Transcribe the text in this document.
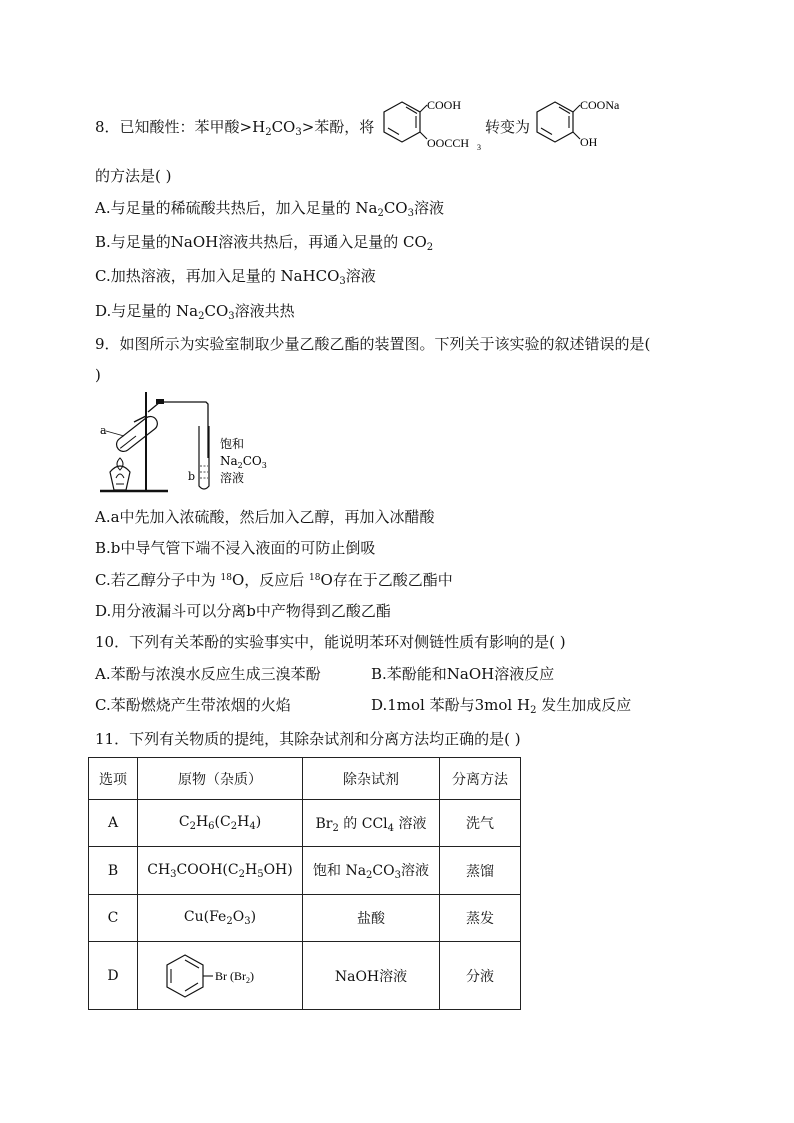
8．已知酸性：苯甲酸$>H_2CO_3>$苯酚，将
COOH
OOCCH 3
转变为
COONa
OH
的方法是( )
A.与足量的稀硫酸共热后，加入足量的 $Na_2CO_3$溶液
B.与足量的NaOH溶液共热后，再通入足量的 $CO_2$
C.加热溶液，再加入足量的 NaHCO$_3$溶液
D.与足量的 $Na_2CO_3$溶液共热
9．如图所示为实验室制取少量乙酸乙酯的装置图。下列关于该实验的叙述错误的是(
)
a
b
饱和
$Na_2CO_3$
溶液
A.a中先加入浓硫酸，然后加入乙醇，再加入冰醋酸
B.b中导气管下端不浸入液面的可防止倒吸
C.若乙醇分子中为 $^{18}$O，反应后 $^{18}$O存在于乙酸乙酯中
D.用分液漏斗可以分离b中产物得到乙酸乙酯
10．下列有关苯酚的实验事实中，能说明苯环对侧链性质有影响的是( )
A.苯酚与浓溴水反应生成三溴苯酚	B.苯酚能和NaOH溶液反应
C.苯酚燃烧产生带浓烟的火焰	D.1mol 苯酚与3mol $H_2$ 发生加成反应
11．下列有关物质的提纯，其除杂试剂和分离方法均正确的是( )
选项	原物（杂质）	除杂试剂	分离方法
A	$C_2H_6(C_2H_4)$	$Br_2$ 的 CCl$_4$ 溶液	洗气
B	$CH_3COOH(C_2H_5OH)$	饱和 $Na_2CO_3$溶液	蒸馏
C	$Cu(Fe_2O_3)$	盐酸	蒸发
D	Br $(Br_2)$	NaOH溶液	分液
